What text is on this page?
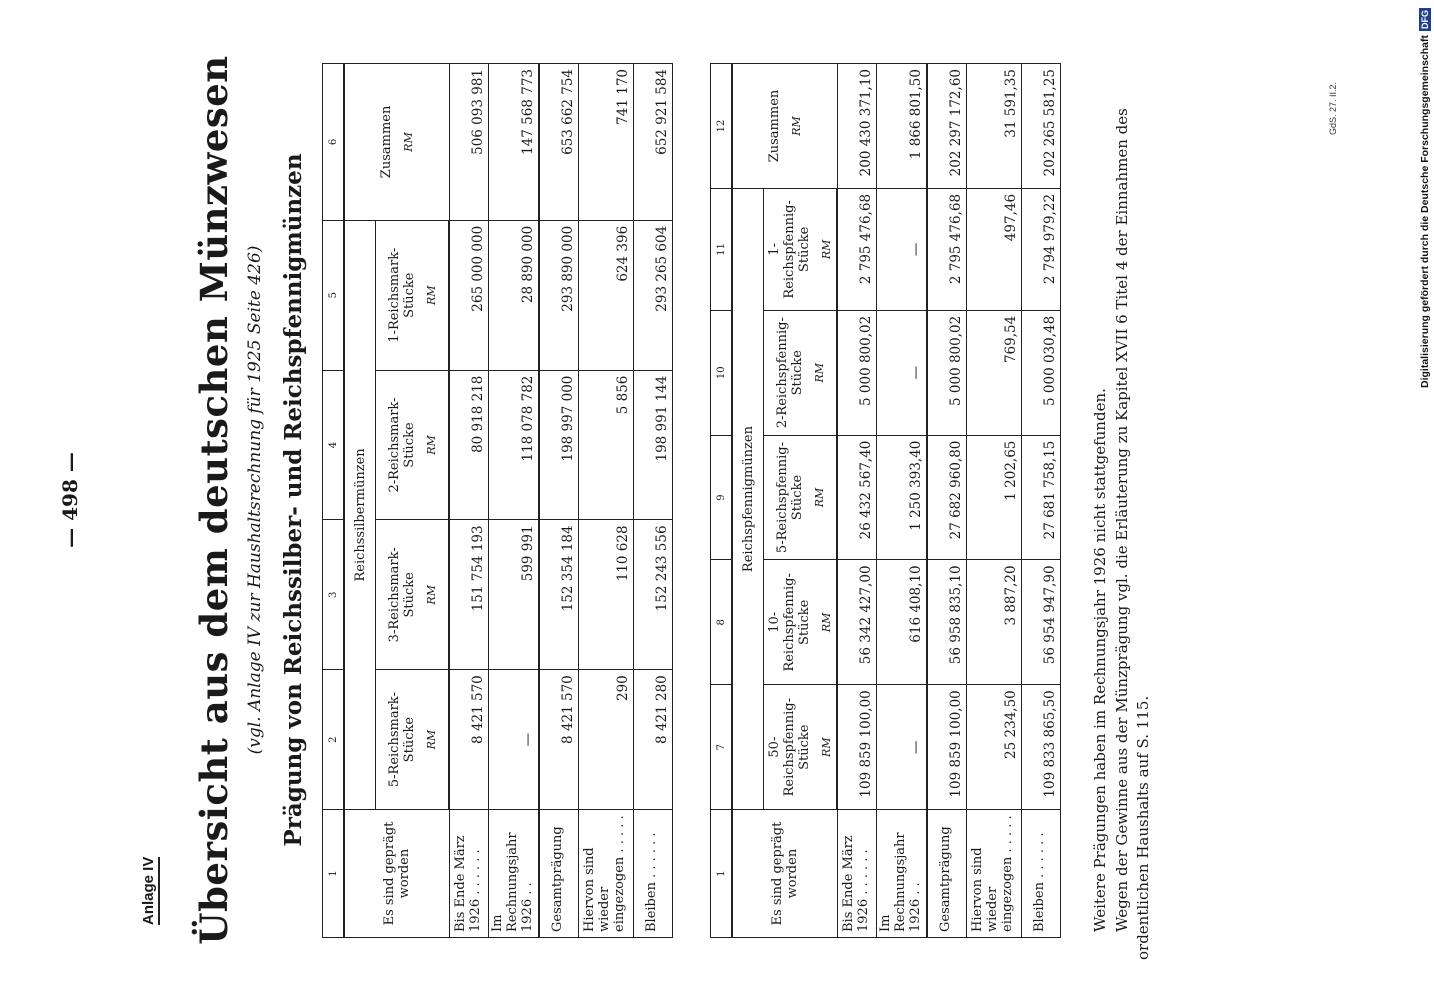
Anlage IV
— 498 —	Übersicht aus dem deutschen Münzwesen (vgl. Anlage IV zur Haushaltsrechnung für 1925 Seite 426) Prägung von Reichssilber- und Reichspfennigmünzen
1	2	3	4	5	6
Es sind geprägt worden	Reichssilbermünzen				Zusammen RM

	5-Reichsmark-Stücke RM	3-Reichsmark-Stücke RM	2-Reichsmark-Stücke RM	1-Reichsmark-Stücke RM	

Bis Ende März 1926 . . . . . .	8 421 570	151 754 193	80 918 218	265 000 000	506 093 981
Im Rechnungsjahr 1926 . .	—	599 991	118 078 782	28 890 000	147 568 773
Gesamtprägung	8 421 570	152 354 184	198 997 000	293 890 000	653 662 754
Hiervon sind wieder eingezogen . . . . .	290	110 628	5 856	624 396	741 170
Bleiben . . . . . .	8 421 280	152 243 556	198 991 144	293 265 604	652 921 584
1	7	8	9	10	11	12
Es sind geprägt worden	Reichspfennigmünzen					Zusammen RM

	50-Reichspfennig-Stücke RM	10-Reichspfennig-Stücke RM	5-Reichspfennig-Stücke RM	2-Reichspfennig-Stücke RM	1-Reichspfennig-Stücke RM	

Bis Ende März 1926 . . . . . .	109 859 100,00	56 342 427,00	26 432 567,40	5 000 800,02	2 795 476,68	200 430 371,10
Im Rechnungsjahr 1926 . .	—	616 408,10	1 250 393,40	—	—	1 866 801,50
Gesamtprägung	109 859 100,00	56 958 835,10	27 682 960,80	5 000 800,02	2 795 476,68	202 297 172,60
Hiervon sind wieder eingezogen . . . . .	25 234,50	3 887,20	1 202,65	769,54	497,46	31 591,35
Bleiben . . . . . .	109 833 865,50	56 954 947,90	27 681 758,15	5 000 030,48	2 794 979,22	202 265 581,25

Weitere Prägungen haben im Rechnungsjahr 1926 nicht stattgefunden. Wegen der Gewinne aus der Münzprägung vgl. die Erläuterung zu Kapitel XVII 6 Titel 4 der Einnahmen des ordentlichen Haushalts auf S. 115.

GdS. 27. II.2.	Digitalisierung gefördert durch die Deutsche Forschungsgemeinschaft
DFG
